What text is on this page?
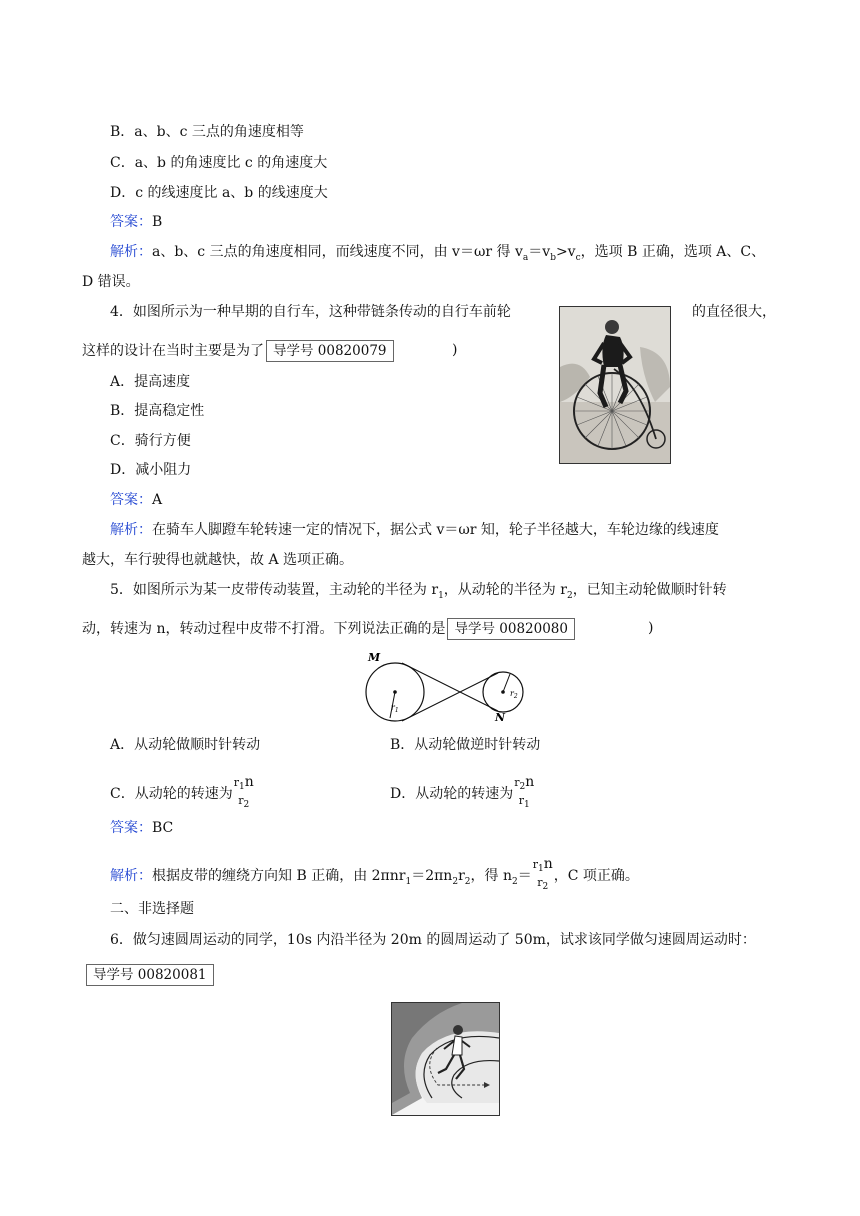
B．a、b、c 三点的角速度相等
C．a、b 的角速度比 c 的角速度大
D．c 的线速度比 a、b 的线速度大
答案：B
解析：a、b、c 三点的角速度相同，而线速度不同，由 v＝ωr 得 $v_a=v_b>v_c$，选项 B 正确，选项 A、C、
D 错误。
4．如图所示为一种早期的自行车，这种带链条传动的自行车前轮	的直径很大，
这样的设计在当时主要是为了 导学号 00820079	)
A．提高速度
B．提高稳定性
C．骑行方便
D．减小阻力
答案：A
解析：在骑车人脚蹬车轮转速一定的情况下，据公式 v＝ωr 知，轮子半径越大，车轮边缘的线速度
越大，车行驶得也就越快，故 A 选项正确。
5．如图所示为某一皮带传动装置，主动轮的半径为 $r_1$，从动轮的半径为 $r_2$，已知主动轮做顺时针转
动，转速为 n，转动过程中皮带不打滑。下列说法正确的是 导学号 00820080	)
M
N
$r_1$
$r_2$
A．从动轮做顺时针转动	B．从动轮做逆时针转动
C．从动轮的转速为
$r_1n$
$r_2$
D．从动轮的转速为
$r_2n$
$r_1$
答案：BC
解析：根据皮带的缠绕方向知 B 正确，由 $2\pi nr_1=2\pi n_2r_2$，得 $n_2=$
$r_1n$
$r_2$
，C 项正确。
二、非选择题
6．做匀速圆周运动的同学，10s 内沿半径为 20m 的圆周运动了 50m，试求该同学做匀速圆周运动时：
导学号 00820081
